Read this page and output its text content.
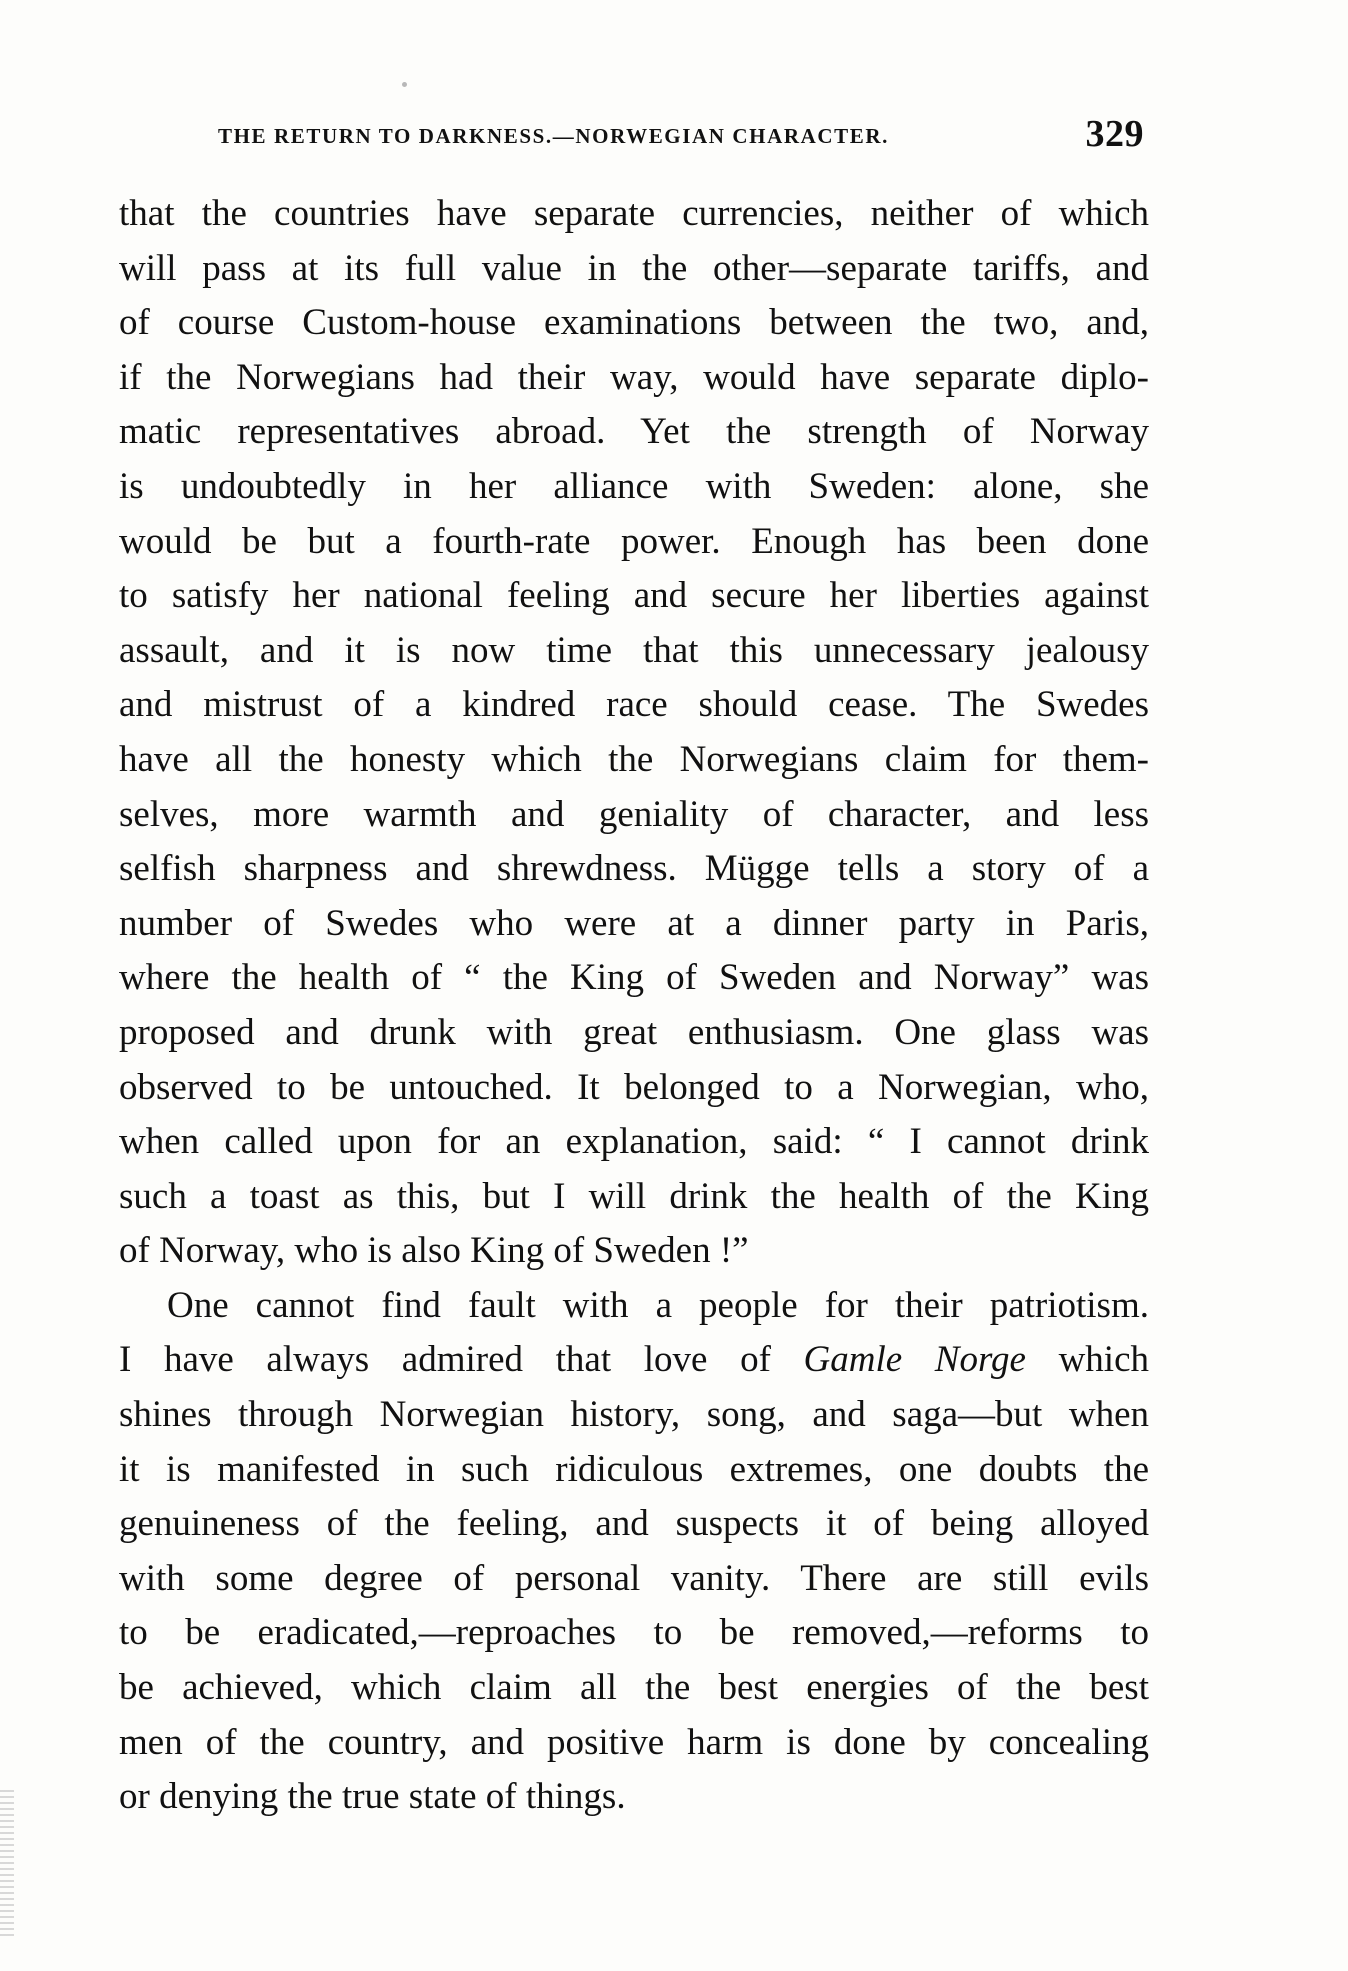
THE RETURN TO DARKNESS.—NORWEGIAN CHARACTER.	329
that the countries have separate currencies, neither of which
will pass at its full value in the other—separate tariffs, and
of course Custom-house examinations between the two, and,
if the Norwegians had their way, would have separate diplo-
matic representatives abroad. Yet the strength of Norway
is undoubtedly in her alliance with Sweden: alone, she
would be but a fourth-rate power. Enough has been done
to satisfy her national feeling and secure her liberties against
assault, and it is now time that this unnecessary jealousy
and mistrust of a kindred race should cease. The Swedes
have all the honesty which the Norwegians claim for them-
selves, more warmth and geniality of character, and less
selfish sharpness and shrewdness. Mügge tells a story of a
number of Swedes who were at a dinner party in Paris,
where the health of “ the King of Sweden and Norway” was
proposed and drunk with great enthusiasm. One glass was
observed to be untouched. It belonged to a Norwegian, who,
when called upon for an explanation, said: “ I cannot drink
such a toast as this, but I will drink the health of the King
of Norway, who is also King of Sweden !”
One cannot find fault with a people for their patriotism.
I have always admired that love of Gamle Norge which
shines through Norwegian history, song, and saga—but when
it is manifested in such ridiculous extremes, one doubts the
genuineness of the feeling, and suspects it of being alloyed
with some degree of personal vanity. There are still evils
to be eradicated,—reproaches to be removed,—reforms to
be achieved, which claim all the best energies of the best
men of the country, and positive harm is done by concealing
or denying the true state of things.
